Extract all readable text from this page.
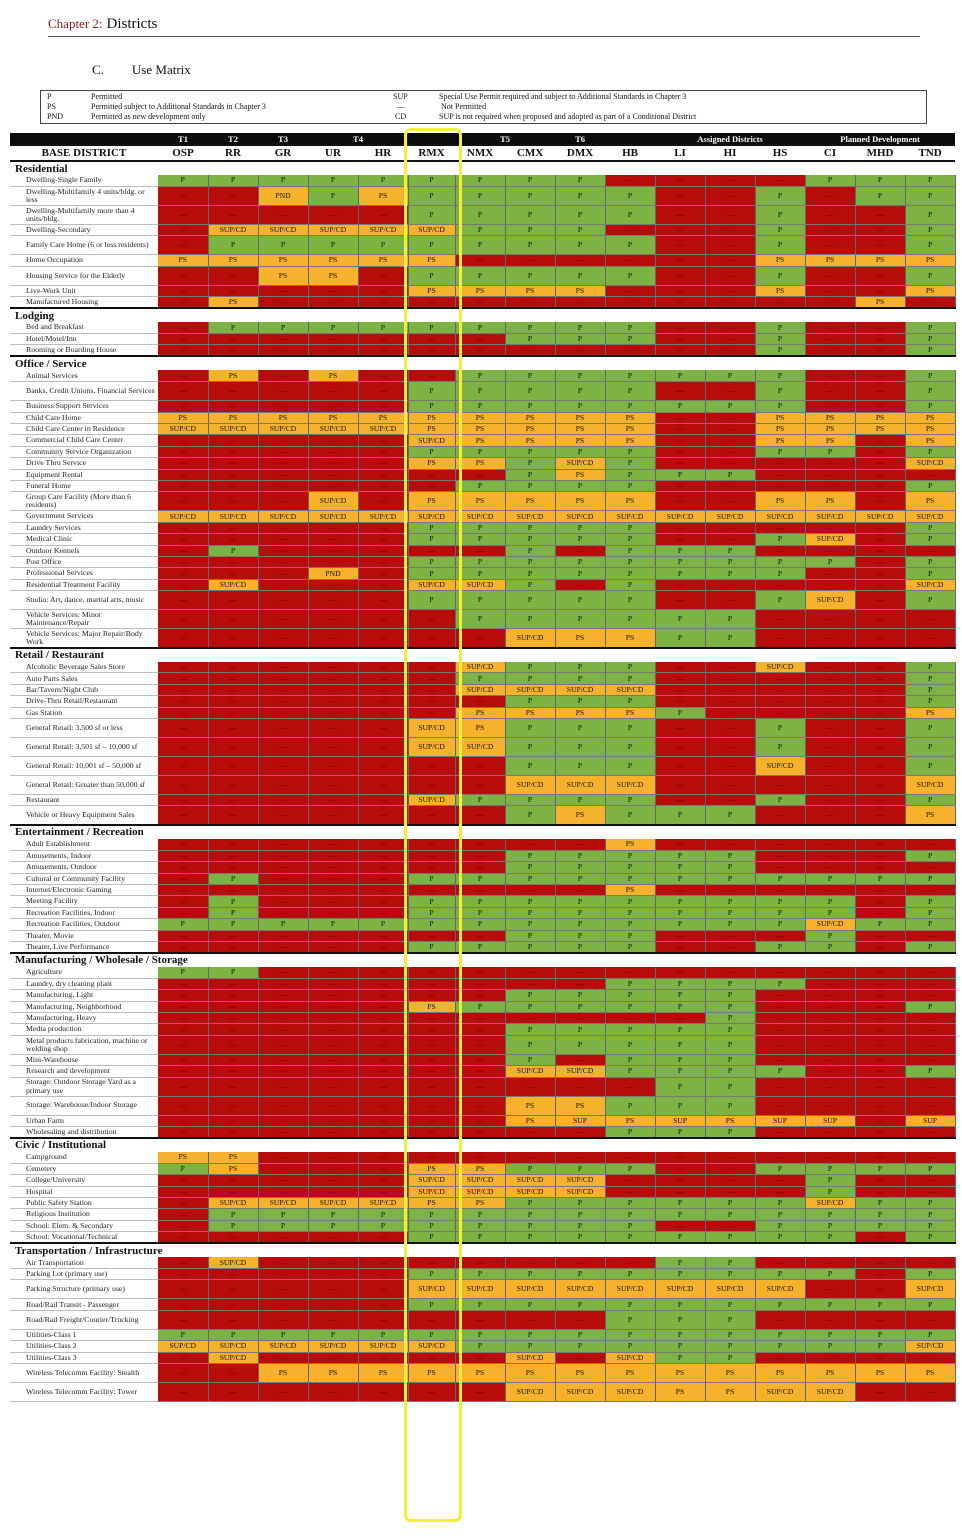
Chapter 2: Districts
C. Use Matrix
P	Permitted
PS	Permitted subject to Additional Standards in Chapter 3
PND	Permitted as new development only
SUP	Special Use Permit required and subject to Additional Standards in Chapter 3
—	Not Permitted
CD	SUP is not required when proposed and adopted as part of a Conditional District
	T1	T2	T3	T4			T5		T6		Assigned Districts			Planned Development		
BASE DISTRICT	OSP	RR	GR	UR	HR	RMX	NMX	CMX	DMX	HB	LI	HI	HS	CI	MHD	TND
Residential																
Dwelling-Single Family	P	P	P	P	P	P	P	P	P	—	—	—	—	P	P	P
Dwelling-Multifamily 4 units/bldg. or less	—	—	PND	P	PS	P	P	P	P	P	—	—	P	—	P	P
Dwelling-Multifamily more than 4 units/bldg.	—	—	—	—	—	P	P	P	P	P	—	—	P	—	—	P
Dwelling-Secondary	—	SUP/CD	SUP/CD	SUP/CD	SUP/CD	SUP/CD	P	P	P	—	—	—	P	—	—	P
Family Care Home (6 or less residents)	—	P	P	P	P	P	P	P	P	P	—	—	P	—	—	P
Home Occupation	PS	PS	PS	PS	PS	PS	—	—	—	—	—	—	PS	PS	PS	PS
Housing Service for the Elderly	—	—	PS	PS	—	P	P	P	P	P	—	—	P	—	—	P
Live-Work Unit	—	—	—	—	—	PS	PS	PS	PS	—	—	—	PS	—	—	PS
Manufactured Housing	—	PS	—	—	—	—	—	—	—	—	—	—	—	—	PS	—
Lodging																
Bed and Breakfast	—	P	P	P	P	P	P	P	P	P	—	—	P	—	—	P
Hotel/Motel/Inn	—	—	—	—	—	—	—	P	P	P	—	—	P	—	—	P
Rooming or Boarding House	—	—	—	—	—	—	—	—	—	—	—	—	P	—	—	P
Office / Service																
Animal Services	—	PS	—	PS	—	—	P	P	P	P	P	P	P	—	—	P
Banks, Credit Unions, Financial Services	—	—	—	—	—	P	P	P	P	P	—	—	P	—	—	P
Business Support Services	—	—	—	—	—	P	P	P	P	P	P	P	P	—	—	P
Child Care Home	PS	PS	PS	PS	PS	PS	PS	PS	PS	PS	—	—	PS	PS	PS	PS
Child Care Center in Residence	SUP/CD	SUP/CD	SUP/CD	SUP/CD	SUP/CD	PS	PS	PS	PS	PS	—	—	PS	PS	PS	PS
Commercial Child Care Center	—	—	—	—	—	SUP/CD	PS	PS	PS	PS	—	—	PS	PS	—	PS
Community Service Organization	—	—	—	—	—	P	P	P	P	P	—	—	P	P	—	P
Drive Thru Service	—	—	—	—	—	PS	PS	P	SUP/CD	P	—	—	—	—	—	SUP/CD
Equipment Rental	—	—	—	—	—	—	—	P	PS	P	P	P	—	—	—	—
Funeral Home	—	—	—	—	—	—	P	P	P	P	—	—	—	—	—	P
Group Care Facility (More than 6 residents)	—	—	—	SUP/CD	—	PS	PS	PS	PS	PS	—	—	PS	PS	—	PS
Government Services	SUP/CD	SUP/CD	SUP/CD	SUP/CD	SUP/CD	SUP/CD	SUP/CD	SUP/CD	SUP/CD	SUP/CD	SUP/CD	SUP/CD	SUP/CD	SUP/CD	SUP/CD	SUP/CD
Laundry Services	—	—	—	—	—	P	P	P	P	P	—	—	—	—	—	P
Medical Clinic	—	—	—	—	—	P	P	P	P	P	—	—	P	SUP/CD	—	P
Outdoor Kennels	—	P	—	—	—	—	—	P	—	P	P	P	—	—	—	—
Post Office	—	—	—	—	—	P	P	P	P	P	P	P	P	P	—	P
Professional Services	—	—	—	PND	—	P	P	P	P	P	P	P	P	—	—	P
Residential Treatment Facility	—	SUP/CD	—	—	—	SUP/CD	SUP/CD	P	—	P	—	—	—	—	—	SUP/CD
Studio: Art, dance, martial arts, music	—	—	—	—	—	P	P	P	P	P	—	—	P	SUP/CD	—	P
Vehicle Services: Minor Maintenance/Repair	—	—	—	—	—	—	P	P	P	P	P	P	—	—	—	—
Vehicle Services: Major Repair/Body Work	—	—	—	—	—	—	—	SUP/CD	PS	PS	P	P	—	—	—	—
Retail / Restaurant																
Alcoholic Beverage Sales Store	—	—	—	—	—	—	SUP/CD	P	P	P	—	—	SUP/CD	—	—	P
Auto Parts Sales	—	—	—	—	—	—	P	P	P	P	—	—	—	—	—	P
Bar/Tavern/Night Club	—	—	—	—	—	—	SUP/CD	SUP/CD	SUP/CD	SUP/CD	—	—	—	—	—	P
Drive-Thru Retail/Restaurant	—	—	—	—	—	—	—	P	P	P	—	—	—	—	—	P
Gas Station	—	—	—	—	—	—	PS	PS	PS	PS	P	—	—	—	—	PS
General Retail: 3,500 sf or less	—	—	—	—	—	SUP/CD	PS	P	P	P	—	—	P	—	—	P
General Retail: 3,501 sf – 10,000 sf	—	—	—	—	—	SUP/CD	SUP/CD	P	P	P	—	—	P	—	—	P
General Retail: 10,001 sf – 50,000 sf	—	—	—	—	—	—	—	P	P	P	—	—	SUP/CD	—	—	P
General Retail: Greater than 50,000 sf	—	—	—	—	—	—	—	SUP/CD	SUP/CD	SUP/CD	—	—	—	—	—	SUP/CD
Restaurant	—	—	—	—	—	SUP/CD	P	P	P	P	—	—	P	—	—	P
Vehicle or Heavy Equipment Sales	—	—	—	—	—	—	—	P	PS	P	P	P	—	—	—	PS
Entertainment / Recreation																
Adult Establishment	—	—	—	—	—	—	—	—	—	PS	—	—	—	—	—	—
Amusements, Indoor	—	—	—	—	—	—	—	P	P	P	P	P	—	—	—	P
Amusements, Outdoor	—	—	—	—	—	—	—	P	P	P	P	P	—	—	—	—
Cultural or Community Facility	—	P	—	—	—	P	P	P	P	P	P	P	P	P	P	P
Internet/Electronic Gaming	—	—	—	—	—	—	—	—	—	PS	—	—	—	—	—	—
Meeting Facility	—	P	—	—	—	P	P	P	P	P	P	P	P	P	—	P
Recreation Facilities, Indoor	—	P	—	—	—	P	P	P	P	P	P	P	P	P	—	P
Recreation Facilities, Outdoor	P	P	P	P	P	P	P	P	P	P	P	P	P	SUP/CD	P	P
Theater, Movie	—	—	—	—	—	—	—	P	P	P	—	—	—	P	—	—
Theater, Live Performance	—	—	—	—	—	P	P	P	P	P	—	—	P	P	—	P
Manufacturing / Wholesale / Storage																
Agriculture	P	P	—	—	—	—	—	—	—	—	—	—	—	—	—	—
Laundry, dry cleaning plant	—	—	—	—	—	—	—	—	—	P	P	P	P	—	—	—
Manufacturing, Light	—	—	—	—	—	—	—	P	P	P	P	P	—	—	—	—
Manufacturing, Neighborhood	—	—	—	—	—	PS	P	P	P	P	P	P	—	—	—	P
Manufacturing, Heavy	—	—	—	—	—	—	—	—	—	—	—	P	—	—	—	—
Media production	—	—	—	—	—	—	—	P	P	P	P	P	—	—	—	—
Metal products fabrication, machine or welding shop	—	—	—	—	—	—	—	P	P	P	P	P	—	—	—	—
Mini-Warehouse	—	—	—	—	—	—	—	P	—	P	P	P	—	—	—	—
Research and development	—	—	—	—	—	—	—	SUP/CD	SUP/CD	P	P	P	P	—	—	P
Storage: Outdoor Storage Yard as a primary use	—	—	—	—	—	—	—	—	—	—	P	P	—	—	—	—
Storage: Warehouse/Indoor Storage	—	—	—	—	—	—	—	PS	PS	P	P	P	—	—	—	—
Urban Farm	—	—	—	—	—	—	—	PS	SUP	PS	SUP	PS	SUP	SUP	—	SUP
Wholesaling and distribution	—	—	—	—	—	—	—	—	—	P	P	P	—	—	—	—
Civic / Institutional																
Campground	PS	PS	—	—	—	—	—	—	—	—	—	—	—	—	—	—
Cemetery	P	PS	—	—	—	PS	PS	P	P	P	—	—	P	P	P	P
College/University	—	—	—	—	—	SUP/CD	SUP/CD	SUP/CD	SUP/CD	—	—	—	—	P	—	—
Hospital	—	—	—	—	—	SUP/CD	SUP/CD	SUP/CD	SUP/CD	—	—	—	—	P	—	—
Public Safety Station	—	SUP/CD	SUP/CD	SUP/CD	SUP/CD	PS	PS	P	P	P	P	P	P	SUP/CD	P	P
Religious Institution	—	P	P	P	P	P	P	P	P	P	P	P	P	P	P	P
School: Elem. & Secondary	—	P	P	P	P	P	P	P	P	P	—	—	P	P	P	P
School: Vocational/Technical	—	—	—	—	—	P	P	P	P	P	P	P	P	P	—	P
Transportation / Infrastructure																
Air Transportation	—	SUP/CD	—	—	—	—	—	—	—	—	P	P	—	—	—	—
Parking Lot (primary use)	—	—	—	—	—	P	P	P	P	P	P	P	P	P	—	P
Parking Structure (primary use)	—	—	—	—	—	SUP/CD	SUP/CD	SUP/CD	SUP/CD	SUP/CD	SUP/CD	SUP/CD	SUP/CD	—	—	SUP/CD
Road/Rail Transit - Passenger	—	—	—	—	—	P	P	P	P	P	P	P	P	P	P	P
Road/Rail Freight/Courier/Trucking	—	—	—	—	—	—	—	—	—	P	P	P	—	—	—	—
Utilities-Class 1	P	P	P	P	P	P	P	P	P	P	P	P	P	P	P	P
Utilities-Class 2	SUP/CD	SUP/CD	SUP/CD	SUP/CD	SUP/CD	SUP/CD	P	P	P	P	P	P	P	P	P	SUP/CD
Utilities-Class 3	—	SUP/CD	—	—	—	—	—	SUP/CD	—	SUP/CD	P	P	—	—	—	—
Wireless Telecomm Facility: Stealth	—	—	PS	PS	PS	PS	PS	PS	PS	PS	PS	PS	PS	PS	PS	PS
Wireless Telecomm Facility: Tower	—	—	—	—	—	—	—	SUP/CD	SUP/CD	SUP/CD	PS	PS	SUP/CD	SUP/CD	—	—
For Sale
canopy 2026
